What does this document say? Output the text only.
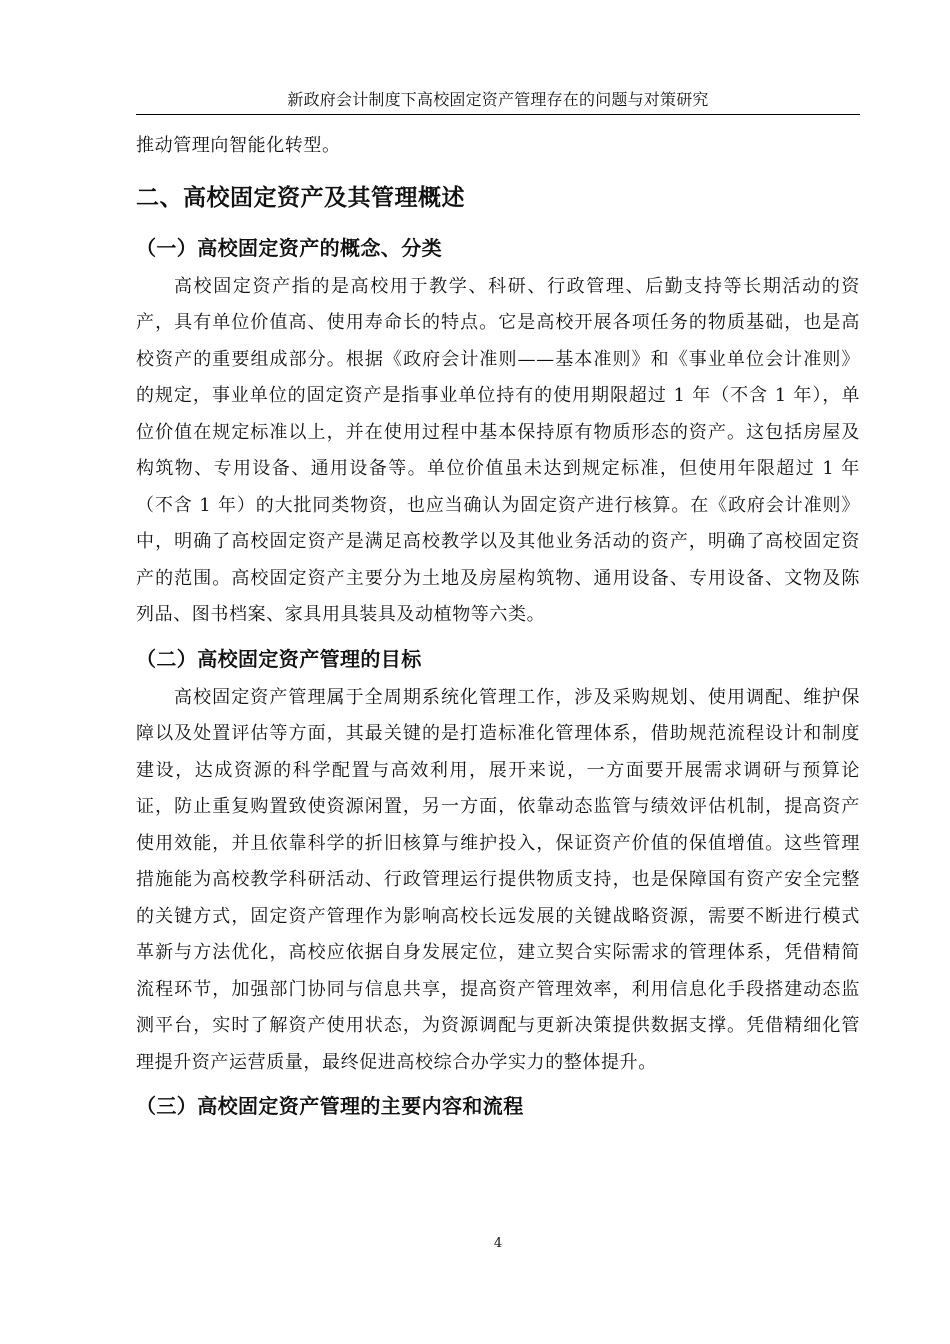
新政府会计制度下高校固定资产管理存在的问题与对策研究

推动管理向智能化转型。

二、高校固定资产及其管理概述
（一）高校固定资产的概念、分类

高校固定资产指的是高校用于教学、科研、行政管理、后勤支持等长期活动的资产，具有单位价值高、使用寿命长的特点。它是高校开展各项任务的物质基础，也是高校资产的重要组成部分。根据《政府会计准则——基本准则》和《事业单位会计准则》的规定，事业单位的固定资产是指事业单位持有的使用期限超过 1 年（不含 1 年），单位价值在规定标准以上，并在使用过程中基本保持原有物质形态的资产。这包括房屋及构筑物、专用设备、通用设备等。单位价值虽未达到规定标准，但使用年限超过 1 年（不含 1 年）的大批同类物资，也应当确认为固定资产进行核算。在《政府会计准则》中，明确了高校固定资产是满足高校教学以及其他业务活动的资产，明确了高校固定资产的范围。高校固定资产主要分为土地及房屋构筑物、通用设备、专用设备、文物及陈列品、图书档案、家具用具装具及动植物等六类。

（二）高校固定资产管理的目标

高校固定资产管理属于全周期系统化管理工作，涉及采购规划、使用调配、维护保障以及处置评估等方面，其最关键的是打造标准化管理体系，借助规范流程设计和制度建设，达成资源的科学配置与高效利用，展开来说，一方面要开展需求调研与预算论证，防止重复购置致使资源闲置，另一方面，依靠动态监管与绩效评估机制，提高资产使用效能，并且依靠科学的折旧核算与维护投入，保证资产价值的保值增值。这些管理措施能为高校教学科研活动、行政管理运行提供物质支持，也是保障国有资产安全完整的关键方式，固定资产管理作为影响高校长远发展的关键战略资源，需要不断进行模式革新与方法优化，高校应依据自身发展定位，建立契合实际需求的管理体系，凭借精简流程环节，加强部门协同与信息共享，提高资产管理效率，利用信息化手段搭建动态监测平台，实时了解资产使用状态，为资源调配与更新决策提供数据支撑。凭借精细化管理提升资产运营质量，最终促进高校综合办学实力的整体提升。

（三）高校固定资产管理的主要内容和流程
4
